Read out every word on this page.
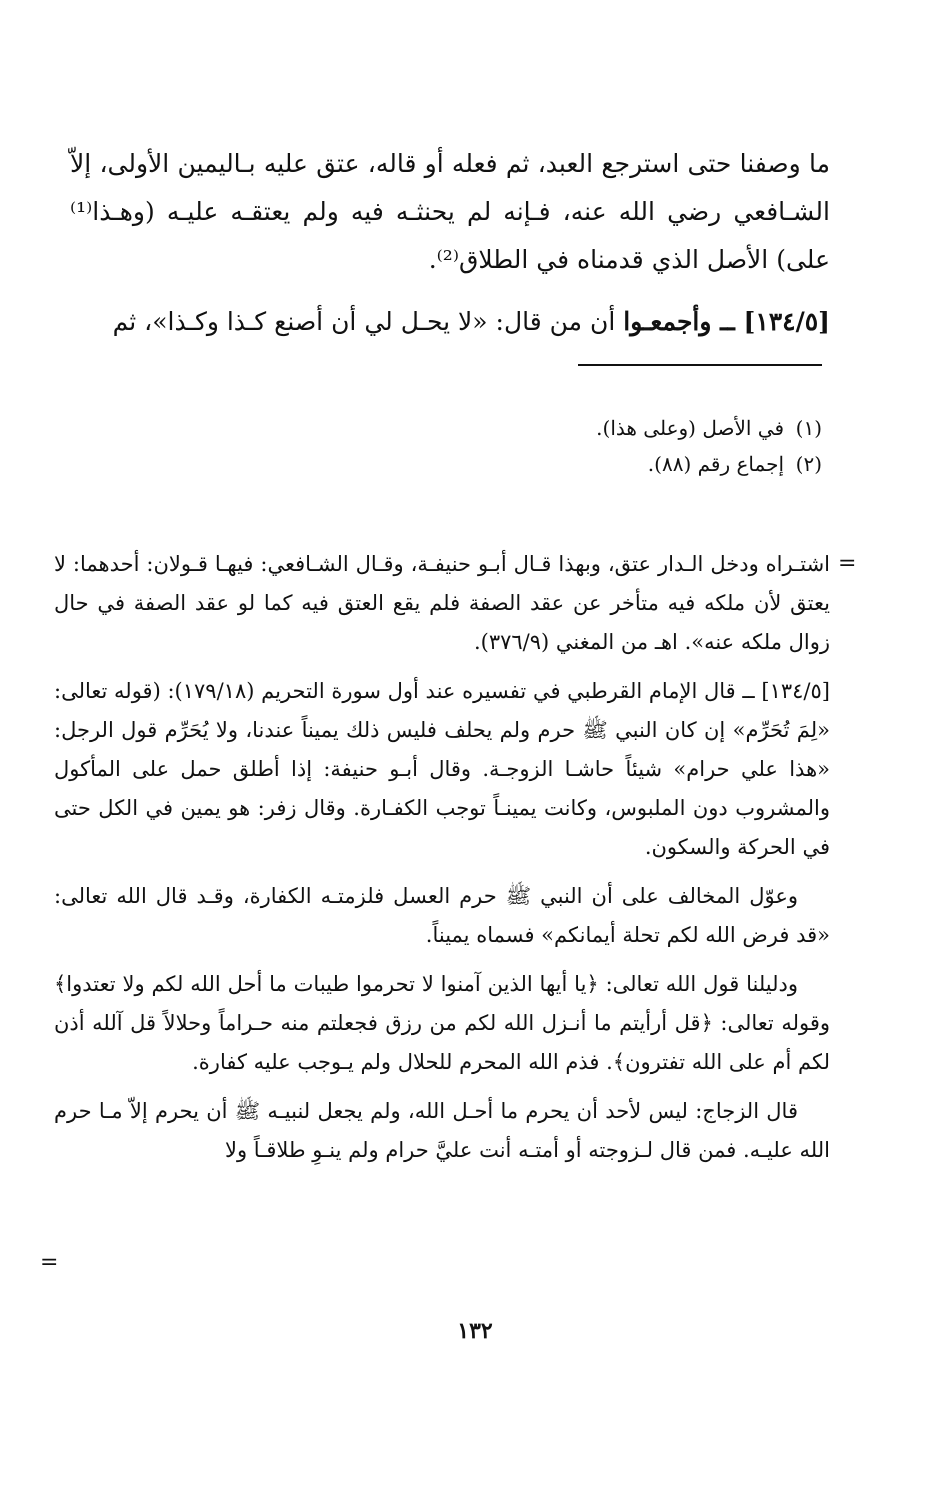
ما وصفنا حتى استرجع العبد، ثم فعله أو قاله، عتق عليه بـاليمين الأولى، إلاّ الشـافعي رضي الله عنه، فـإنه لم يحنثـه فيه ولم يعتقـه عليـه (وهـذا⁽¹⁾ على) الأصل الذي قدمناه في الطلاق⁽²⁾.

[١٣٤/٥] ــ وأجمعـوا أن من قال: «لا يحـل لي أن أصنع كـذا وكـذا»، ثم

(١)في الأصل (وعلى هذا).

(٢)إجماع رقم (٨٨).

=

اشتـراه ودخل الـدار عتق، وبهذا قـال أبـو حنيفـة، وقـال الشـافعي: فيهـا قـولان: أحدهما: لا يعتق لأن ملكه فيه متأخر عن عقد الصفة فلم يقع العتق فيه كما لو عقد الصفة في حال زوال ملكه عنه». اهـ من المغني (٣٧٦/٩).

[١٣٤/٥] ــ قال الإمام القرطبي في تفسيره عند أول سورة التحريم (١٧٩/١٨): (قوله تعالى: «لِمَ تُحَرِّم» إن كان النبي ﷺ حرم ولم يحلف فليس ذلك يميناً عندنا، ولا يُحَرِّم قول الرجل: «هذا علي حرام» شيئاً حاشـا الزوجـة. وقال أبـو حنيفة: إذا أطلق حمل على المأكول والمشروب دون الملبوس، وكانت يمينـاً توجب الكفـارة. وقال زفر: هو يمين في الكل حتى في الحركة والسكون.

وعوّل المخالف على أن النبي ﷺ حرم العسل فلزمتـه الكفارة، وقـد قال الله تعالى: «قد فرض الله لكم تحلة أيمانكم» فسماه يميناً.

ودليلنا قول الله تعالى: ﴿يا أيها الذين آمنوا لا تحرموا طيبات ما أحل الله لكم ولا تعتدوا﴾ وقوله تعالى: ﴿قل أرأيتم ما أنـزل الله لكم من رزق فجعلتم منه حـراماً وحلالاً قل آلله أذن لكم أم على الله تفترون﴾. فذم الله المحرم للحلال ولم يـوجب عليه كفارة.

قال الزجاج: ليس لأحد أن يحرم ما أحـل الله، ولم يجعل لنبيـه ﷺ أن يحرم إلاّ مـا حرم الله عليـه. فمن قال لـزوجته أو أمتـه أنت عليَّ حرام ولم ينـوِ طلاقـاً ولا

=
١٣٢
